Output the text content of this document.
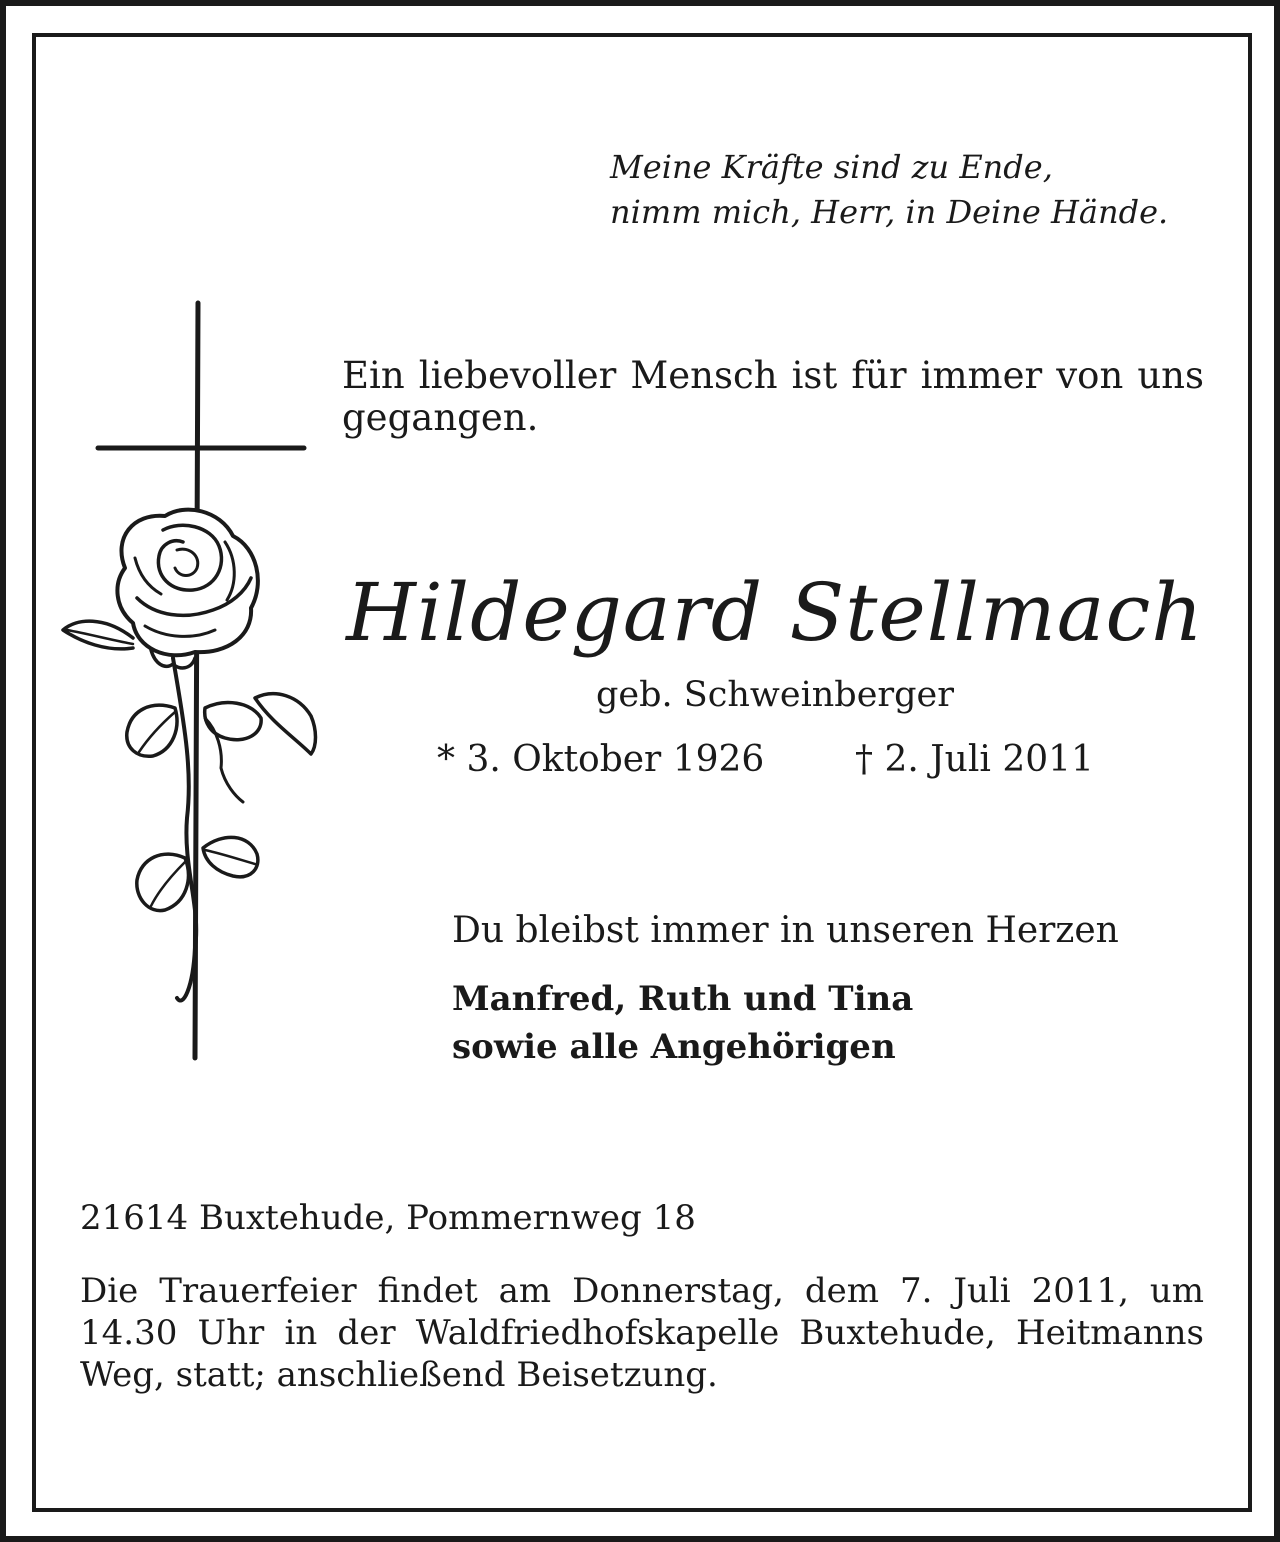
Meine Kräfte sind zu Ende,
nimm mich, Herr, in Deine Hände.
Ein liebevoller Mensch ist für immer von uns gegangen.
Hildegard Stellmach
geb. Schweinberger
* 3. Oktober 1926	† 2. Juli 2011
Du bleibst immer in unseren Herzen
Manfred, Ruth und Tina
sowie alle Angehörigen
21614 Buxtehude, Pommernweg 18
Die Trauerfeier findet am Donnerstag, dem 7. Juli 2011, um 14.30 Uhr in der Waldfriedhofskapelle Buxtehude, Heitmanns Weg, statt; anschließend Beisetzung.
